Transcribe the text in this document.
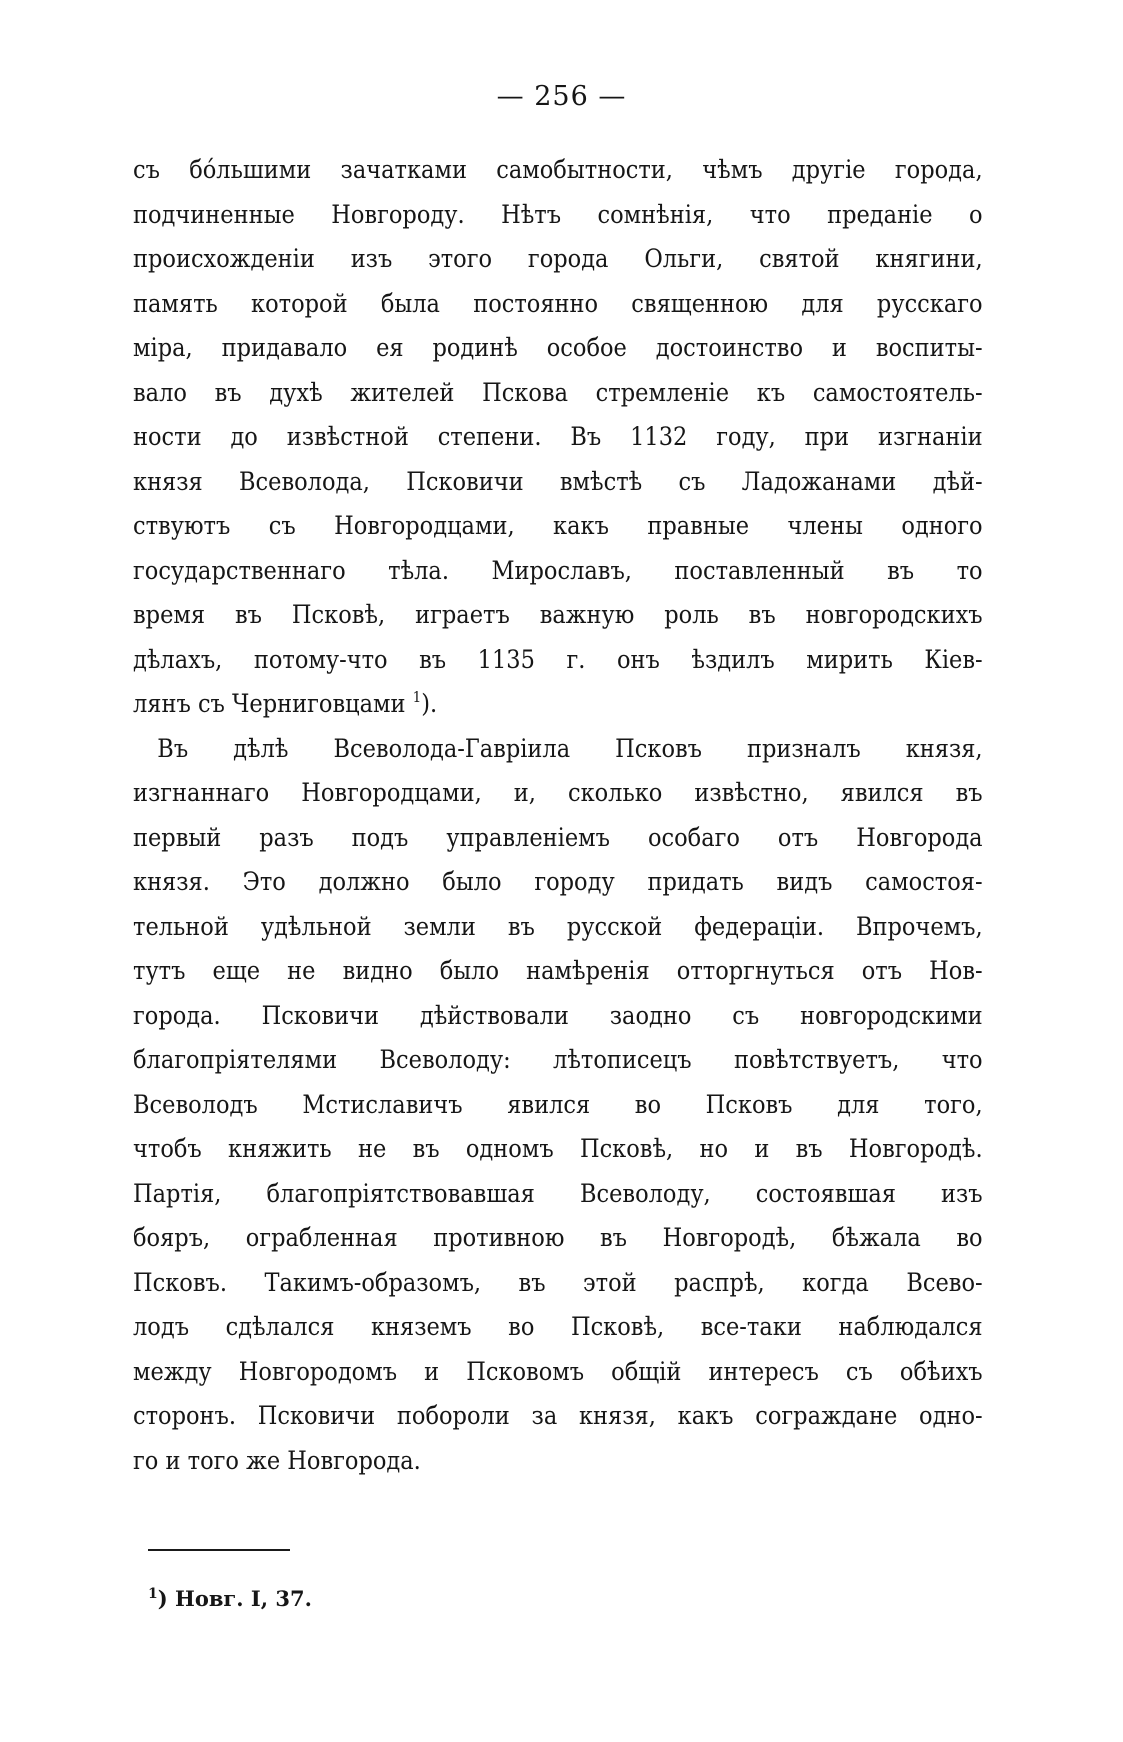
— 256 —
съ бо́льшими зачатками самобытности, чѣмъ другіе города,
подчиненные Новгороду. Нѣтъ сомнѣнія, что преданіе о
происхожденіи изъ этого города Ольги, святой княгини,
память которой была постоянно священною для русскаго
міра, придавало ея родинѣ особое достоинство и воспиты-
вало въ духѣ жителей Пскова стремленіе къ самостоятель-
ности до извѣстной степени. Въ 1132 году, при изгнаніи
князя Всеволода, Псковичи вмѣстѣ съ Ладожанами дѣй-
ствуютъ съ Новгородцами, какъ правные члены одного
государственнаго тѣла. Мирославъ, поставленный въ то
время въ Псковѣ, играетъ важную роль въ новгородскихъ
дѣлахъ, потому-что въ 1135 г. онъ ѣздилъ мирить Кіев-
лянъ съ Черниговцами $^1$).
Въ дѣлѣ Всеволода-Гавріила Псковъ призналъ князя,
изгнаннаго Новгородцами, и, сколько извѣстно, явился въ
первый разъ подъ управленіемъ особаго отъ Новгорода
князя. Это должно было городу придать видъ самостоя-
тельной удѣльной земли въ русской федераціи. Впрочемъ,
тутъ еще не видно было намѣренія отторгнуться отъ Нов-
города. Псковичи дѣйствовали заодно съ новгородскими
благопріятелями Всеволоду: лѣтописецъ повѣтствуетъ, что
Всеволодъ Мстиславичъ явился во Псковъ для того,
чтобъ княжить не въ одномъ Псковѣ, но и въ Новгородѣ.
Партія, благопріятствовавшая Всеволоду, состоявшая изъ
бояръ, ограбленная противною въ Новгородѣ, бѣжала во
Псковъ. Такимъ-образомъ, въ этой распрѣ, когда Всево-
лодъ сдѣлался княземъ во Псковѣ, все-таки наблюдался
между Новгородомъ и Псковомъ общій интересъ съ обѣихъ
сторонъ. Псковичи побороли за князя, какъ сограждане одно-
го и того же Новгорода.
$^1$) Новг. I, 37.
